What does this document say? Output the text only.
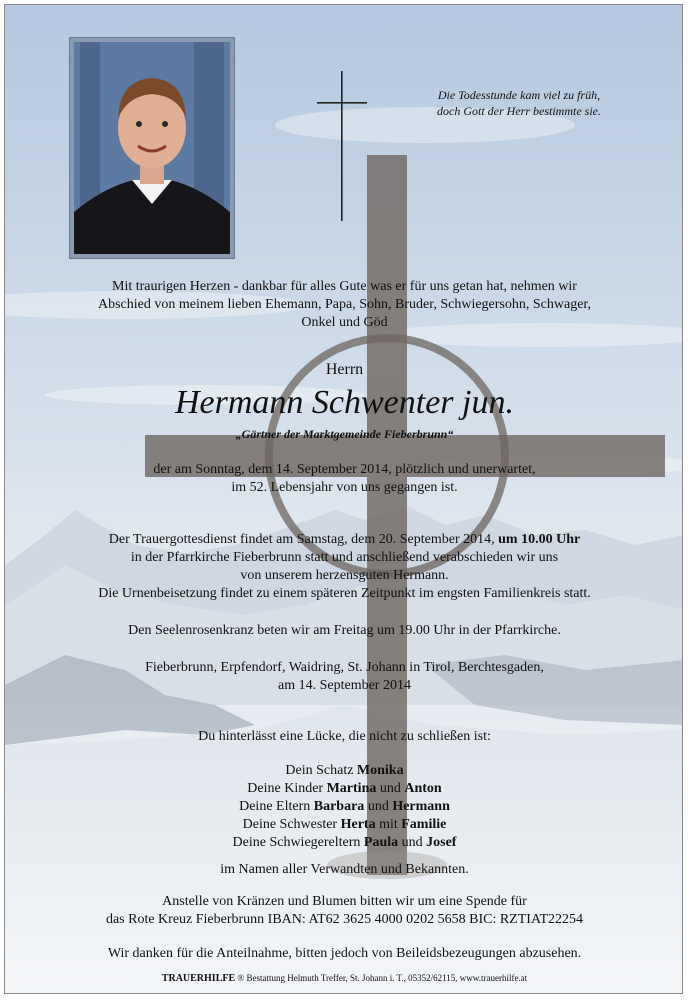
Die Todesstunde kam viel zu früh,
doch Gott der Herr bestimmte sie.

Mit traurigen Herzen - dankbar für alles Gute was er für uns getan hat, nehmen wir

Abschied von meinem lieben Ehemann, Papa, Sohn, Bruder, Schwiegersohn, Schwager,

Onkel und Göd

Herrn

Hermann Schwenter jun.

„Gärtner der Marktgemeinde Fieberbrunn“

der am Sonntag, dem 14. September 2014, plötzlich und unerwartet,

im 52. Lebensjahr von uns gegangen ist.

Der Trauergottesdienst findet am Samstag, dem 20. September 2014, um 10.00 Uhr

in der Pfarrkirche Fieberbrunn statt und anschließend verabschieden wir uns

von unserem herzensguten Hermann.

Die Urnenbeisetzung findet zu einem späteren Zeitpunkt im engsten Familienkreis statt.

Den Seelenrosenkranz beten wir am Freitag um 19.00 Uhr in der Pfarrkirche.

Fieberbrunn, Erpfendorf, Waidring, St. Johann in Tirol, Berchtesgaden,

am 14. September 2014

Du hinterlässt eine Lücke, die nicht zu schließen ist:

Dein Schatz Monika

Deine Kinder Martina und Anton

Deine Eltern Barbara und Hermann

Deine Schwester Herta mit Familie

Deine Schwiegereltern Paula und Josef

im Namen aller Verwandten und Bekannten.

Anstelle von Kränzen und Blumen bitten wir um eine Spende für

das Rote Kreuz Fieberbrunn IBAN: AT62 3625 4000 0202 5658 BIC: RZTIAT22254

Wir danken für die Anteilnahme, bitten jedoch von Beileidsbezeugungen abzusehen.

TRAUERHILFE ® Bestattung Helmuth Treffer, St. Johann i. T., 05352/62115, www.trauerhilfe.at
